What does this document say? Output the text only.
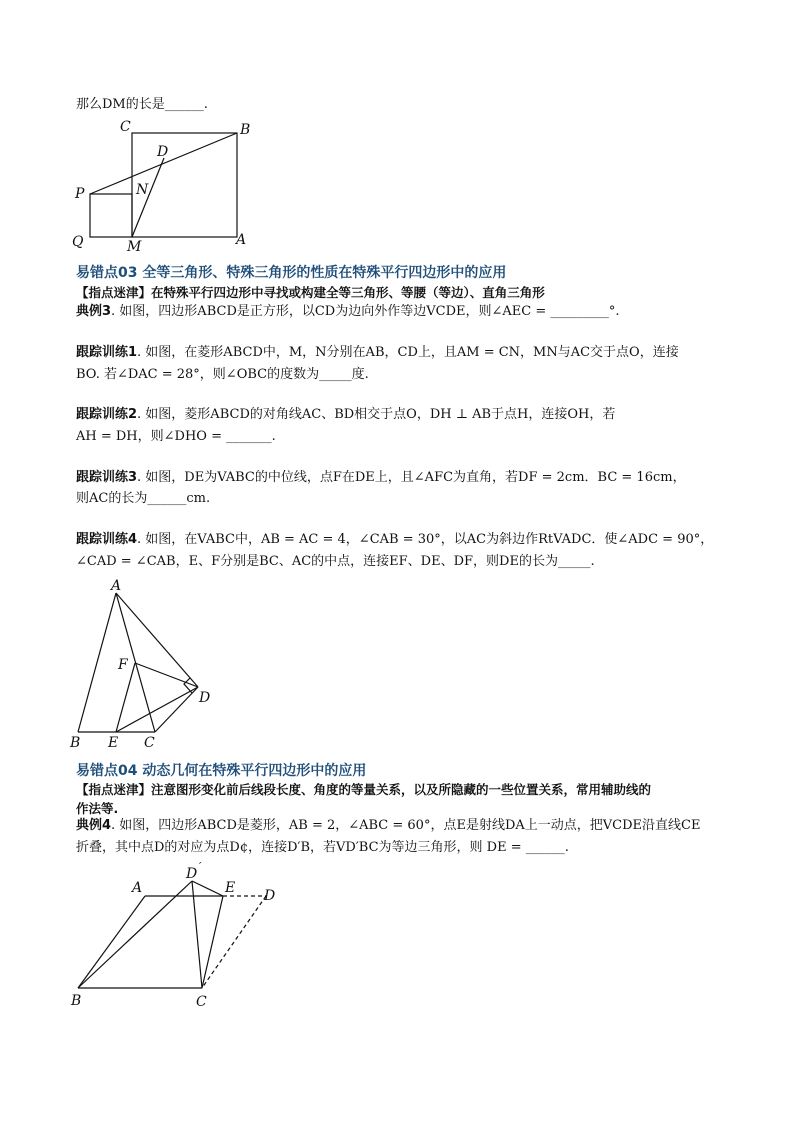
那么DM的长是______.
C	B
D
P	N
Q	M	A
易错点03 全等三角形、特殊三角形的性质在特殊平行四边形中的应用
【指点迷津】在特殊平行四边形中寻找或构建全等三角形、等腰（等边）、直角三角形
典例3. 如图，四边形ABCD是正方形，以CD为边向外作等边VCDE，则∠AEC = _________°.
跟踪训练1. 如图，在菱形ABCD中，M，N分别在AB，CD上，且AM = CN，MN与AC交于点O，连接
BO. 若∠DAC = 28°，则∠OBC的度数为_____度.
跟踪训练2. 如图，菱形ABCD的对角线AC、BD相交于点O，DH ⊥ AB于点H，连接OH，若
AH = DH，则∠DHO = _______.
跟踪训练3. 如图，DE为VABC的中位线，点F在DE上，且∠AFC为直角，若DF = 2cm．BC = 16cm，
则AC的长为______cm.
跟踪训练4. 如图，在VABC中，AB = AC = 4，∠CAB = 30°，以AC为斜边作RtVADC．使∠ADC = 90°，
∠CAD = ∠CAB，E、F分别是BC、AC的中点，连接EF、DE、DF，则DE的长为_____.
A
F
D
B E C
易错点04 动态几何在特殊平行四边形中的应用
【指点迷津】注意图形变化前后线段长度、角度的等量关系，以及所隐藏的一些位置关系，常用辅助线的
作法等.
典例4. 如图，四边形ABCD是菱形，AB = 2，∠ABC = 60°，点E是射线DA上一动点，把VCDE沿直线CE
折叠，其中点D的对应为点D¢，连接D′B，若VD′BC为等边三角形，则 DE = ______.
A
D ′
E D
B	C
